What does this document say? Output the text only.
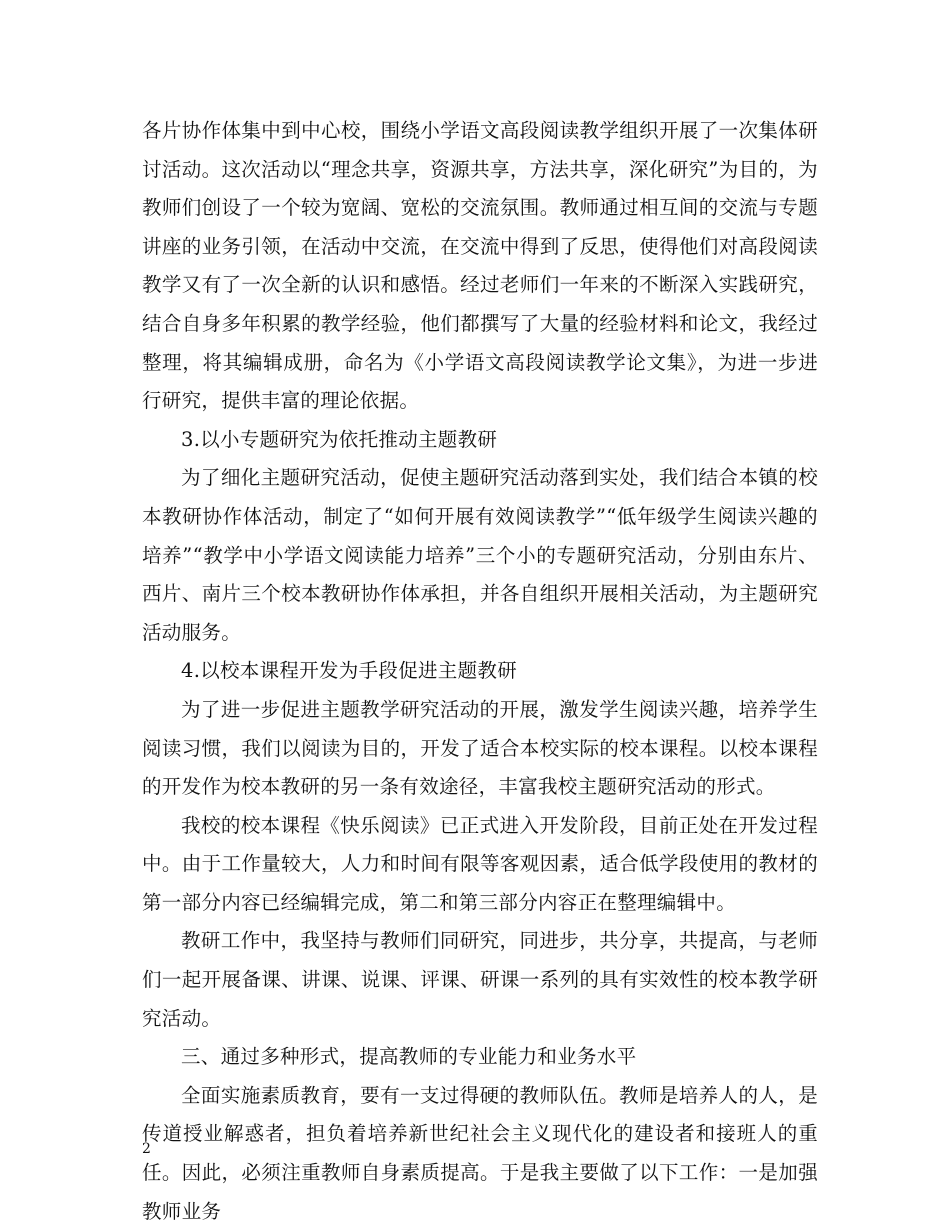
各片协作体集中到中心校，围绕小学语文高段阅读教学组织开展了一次集体研讨活动。这次活动以“理念共享，资源共享，方法共享，深化研究”为目的，为教师们创设了一个较为宽阔、宽松的交流氛围。教师通过相互间的交流与专题讲座的业务引领，在活动中交流，在交流中得到了反思，使得他们对高段阅读教学又有了一次全新的认识和感悟。经过老师们一年来的不断深入实践研究，结合自身多年积累的教学经验，他们都撰写了大量的经验材料和论文，我经过整理，将其编辑成册，命名为《小学语文高段阅读教学论文集》，为进一步进行研究，提供丰富的理论依据。

3.以小专题研究为依托推动主题教研

为了细化主题研究活动，促使主题研究活动落到实处，我们结合本镇的校本教研协作体活动，制定了“如何开展有效阅读教学”“低年级学生阅读兴趣的培养”“教学中小学语文阅读能力培养”三个小的专题研究活动，分别由东片、西片、南片三个校本教研协作体承担，并各自组织开展相关活动，为主题研究活动服务。

4.以校本课程开发为手段促进主题教研

为了进一步促进主题教学研究活动的开展，激发学生阅读兴趣，培养学生阅读习惯，我们以阅读为目的，开发了适合本校实际的校本课程。以校本课程的开发作为校本教研的另一条有效途径，丰富我校主题研究活动的形式。

我校的校本课程《快乐阅读》已正式进入开发阶段，目前正处在开发过程中。由于工作量较大，人力和时间有限等客观因素，适合低学段使用的教材的第一部分内容已经编辑完成，第二和第三部分内容正在整理编辑中。

教研工作中，我坚持与教师们同研究，同进步，共分享，共提高，与老师们一起开展备课、讲课、说课、评课、研课一系列的具有实效性的校本教学研究活动。

三、通过多种形式，提高教师的专业能力和业务水平

全面实施素质教育，要有一支过得硬的教师队伍。教师是培养人的人，是传道授业解惑者，担负着培养新世纪社会主义现代化的建设者和接班人的重任。因此，必须注重教师自身素质提高。于是我主要做了以下工作：一是加强教师业务

2
